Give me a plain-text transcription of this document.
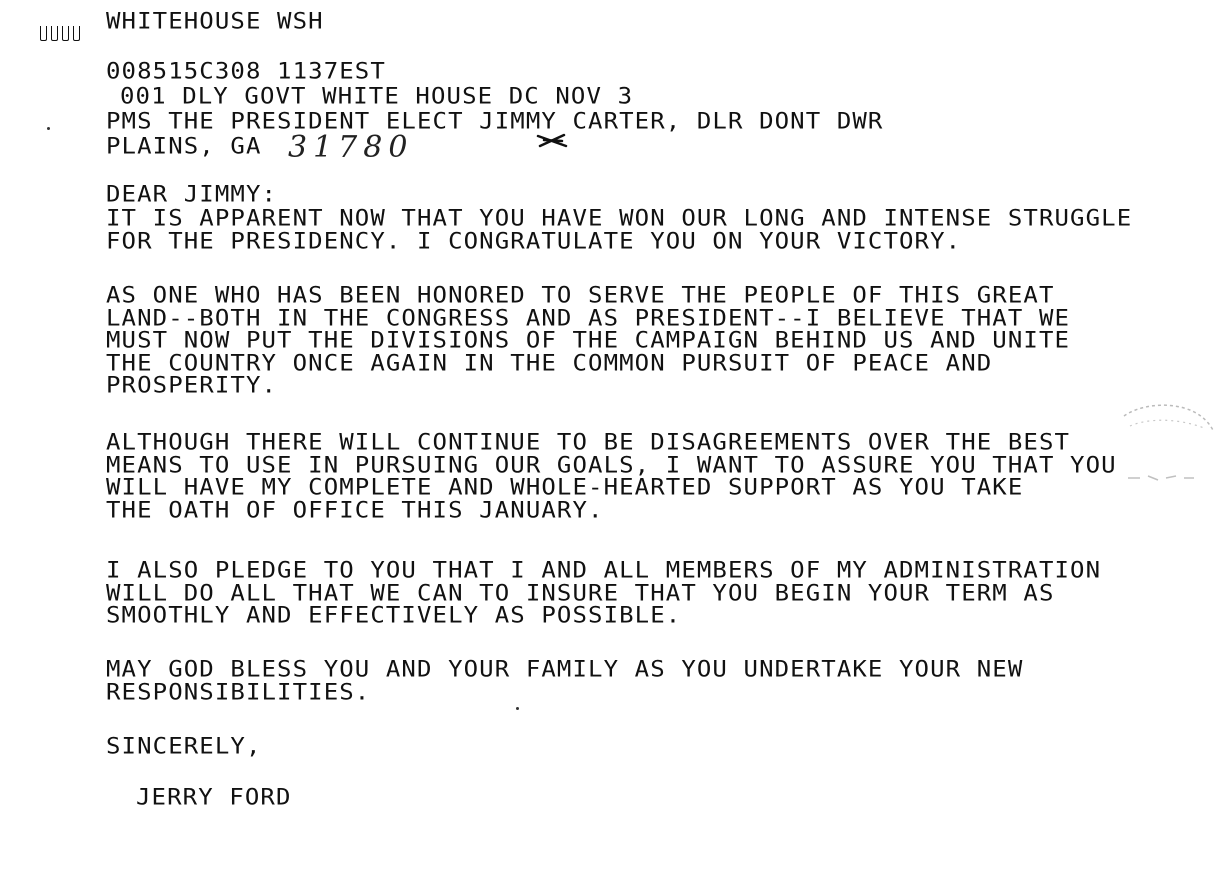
WHITEHOUSE WSH
008515C308 1137EST
001 DLY GOVT WHITE HOUSE DC NOV 3
PMS THE PRESIDENT ELECT JIMMY CARTER, DLR DONT DWR
PLAINS, GA 31780
DEAR JIMMY:
IT IS APPARENT NOW THAT YOU HAVE WON OUR LONG AND INTENSE STRUGGLE
FOR THE PRESIDENCY. I CONGRATULATE YOU ON YOUR VICTORY.
AS ONE WHO HAS BEEN HONORED TO SERVE THE PEOPLE OF THIS GREAT
LAND--BOTH IN THE CONGRESS AND AS PRESIDENT--I BELIEVE THAT WE
MUST NOW PUT THE DIVISIONS OF THE CAMPAIGN BEHIND US AND UNITE
THE COUNTRY ONCE AGAIN IN THE COMMON PURSUIT OF PEACE AND
PROSPERITY.
ALTHOUGH THERE WILL CONTINUE TO BE DISAGREEMENTS OVER THE BEST
MEANS TO USE IN PURSUING OUR GOALS, I WANT TO ASSURE YOU THAT YOU
WILL HAVE MY COMPLETE AND WHOLE-HEARTED SUPPORT AS YOU TAKE
THE OATH OF OFFICE THIS JANUARY.
I ALSO PLEDGE TO YOU THAT I AND ALL MEMBERS OF MY ADMINISTRATION
WILL DO ALL THAT WE CAN TO INSURE THAT YOU BEGIN YOUR TERM AS
SMOOTHLY AND EFFECTIVELY AS POSSIBLE.
MAY GOD BLESS YOU AND YOUR FAMILY AS YOU UNDERTAKE YOUR NEW
RESPONSIBILITIES.
SINCERELY,
JERRY FORD
